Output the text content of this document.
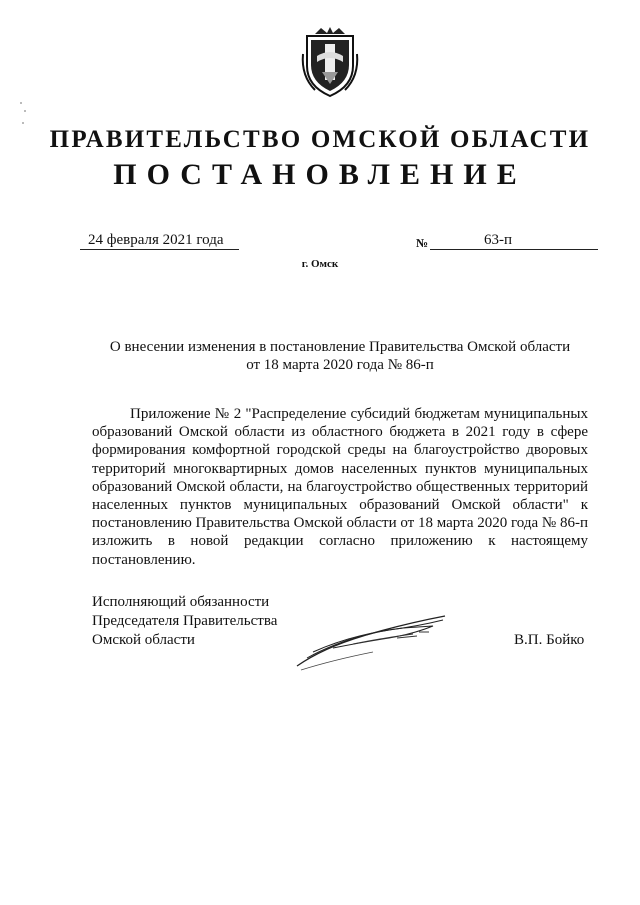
ПРАВИТЕЛЬСТВО ОМСКОЙ ОБЛАСТИ
ПОСТАНОВЛЕНИЕ
24 февраля 2021 года	№	63-п
г. Омск
О внесении изменения в постановление Правительства Омской области
от 18 марта 2020 года № 86-п

Приложение № 2 "Распределение субсидий бюджетам муниципальных образований Омской области из областного бюджета в 2021 году в сфере формирования комфортной городской среды на благоустройство дворовых территорий многоквартирных домов населенных пунктов муниципальных образований Омской области, на благоустройство общественных территорий населенных пунктов муниципальных образований Омской области" к постановлению Правительства Омской области от 18 марта 2020 года № 86-п изложить в новой редакции согласно приложению к настоящему постановлению.

Исполняющий обязанности
Председателя Правительства
Омской области	В.П. Бойко
